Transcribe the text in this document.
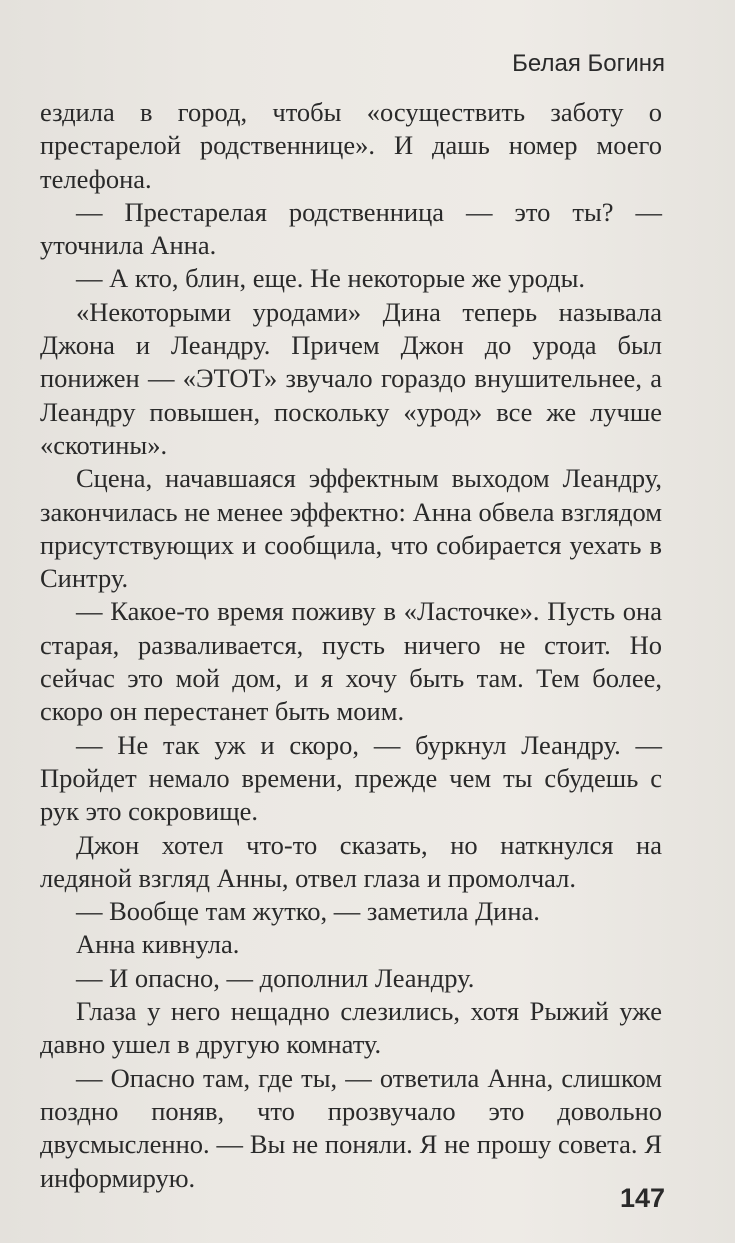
Белая Богиня

ездила в город, чтобы «осуществить заботу о престарелой родственнице». И дашь номер моего телефона.

— Престарелая родственница — это ты? — уточнила Анна.

— А кто, блин, еще. Не некоторые же уроды.

«Некоторыми уродами» Дина теперь называла Джона и Леандру. Причем Джон до урода был понижен — «ЭТОТ» звучало гораздо внушительнее, а Леандру повышен, поскольку «урод» все же лучше «скотины».

Сцена, начавшаяся эффектным выходом Леандру, закончилась не менее эффектно: Анна обвела взглядом присутствующих и сообщила, что собирается уехать в Синтру.

— Какое-то время поживу в «Ласточке». Пусть она старая, разваливается, пусть ничего не стоит. Но сейчас это мой дом, и я хочу быть там. Тем более, скоро он перестанет быть моим.

— Не так уж и скоро, — буркнул Леандру. — Пройдет немало времени, прежде чем ты сбудешь с рук это сокровище.

Джон хотел что-то сказать, но наткнулся на ледяной взгляд Анны, отвел глаза и промолчал.

— Вообще там жутко, — заметила Дина.

Анна кивнула.

— И опасно, — дополнил Леандру.

Глаза у него нещадно слезились, хотя Рыжий уже давно ушел в другую комнату.

— Опасно там, где ты, — ответила Анна, слишком поздно поняв, что прозвучало это довольно двусмысленно. — Вы не поняли. Я не прошу совета. Я информирую.

147
